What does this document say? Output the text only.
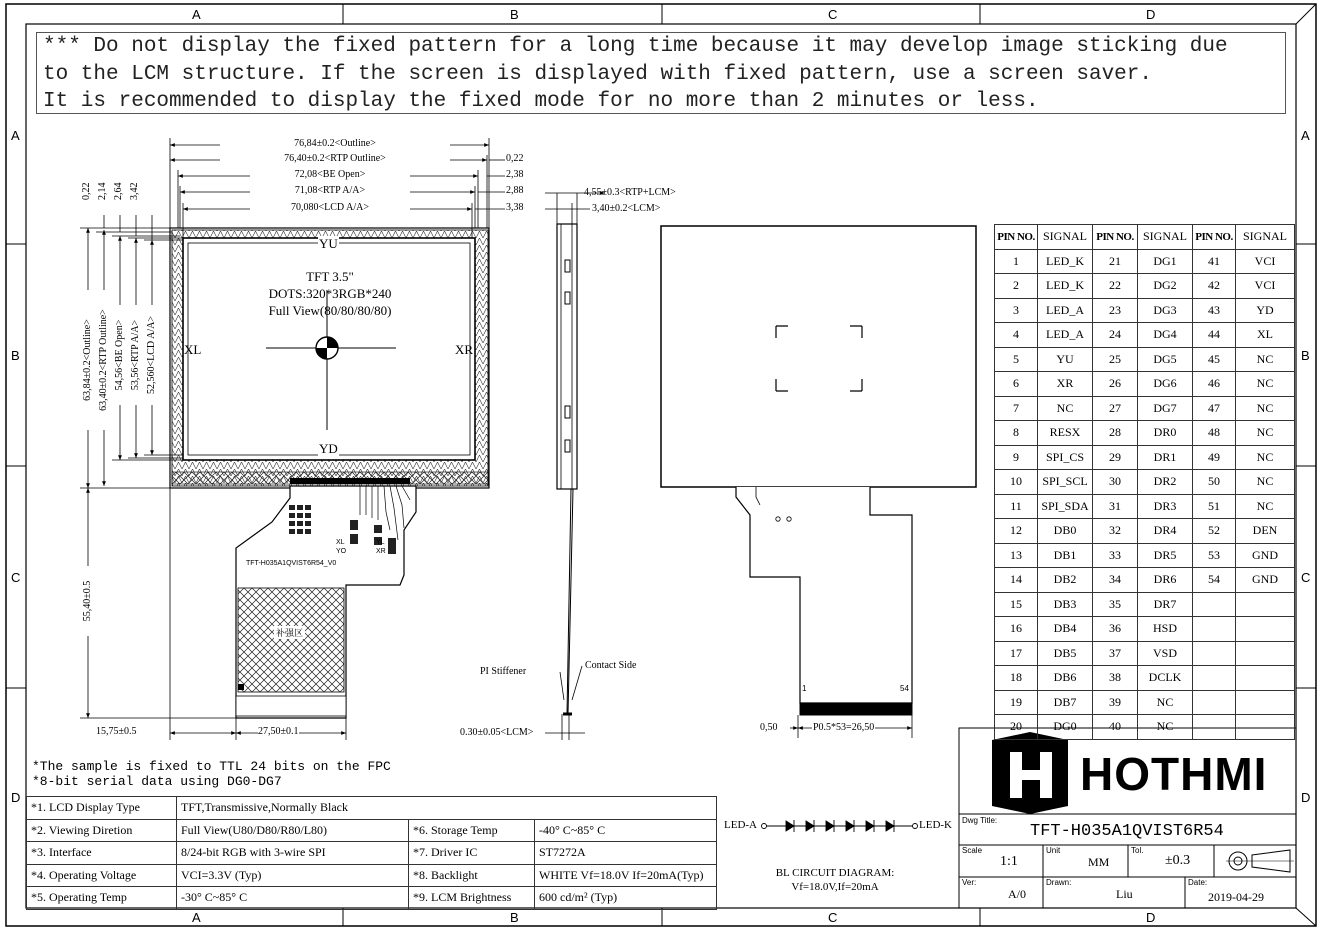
A	B	C	D
A	B	C	D
A
B
C
D
A
B
C
D
*** Do not display the fixed pattern for a long time because it may develop image sticking due
to the LCM structure. If the screen is displayed with fixed pattern, use a screen saver.
It is recommended to display the fixed mode for no more than 2 minutes or less.
76,84±0.2<Outline>
76,40±0.2<RTP Outline>
72,08<BE Open>
71,08<RTP A/A>
70,080<LCD A/A>
0,22
2,38
2,88
3,38
0,22 2,14 2,64 3,42
63,84±0.2<Outline> 63,40±0.2<RTP Outline> 54,56<BE Open> 53,56<RTP A/A> 52,560<LCD A/A>
55,40±0.5
15,75±0.5	27,50±0.1
YU
YD
XL	XR
TFT 3.5"
DOTS:320*3RGB*240
Full View(80/80/80/80)
TFT-H035A1QVIST6R54_V0
XL	YL
YO	XR
补强区
4,55±0.3<RTP+LCM>
3,40±0.2<LCM>
0.30±0.05<LCM>
PI Stiffener
Contact Side
1	54
0,50	P0.5*53=26,50
PIN NO.	SIGNAL	PIN NO.	SIGNAL	PIN NO.	SIGNAL
1	LED_K	21	DG1	41	VCI
2	LED_K	22	DG2	42	VCI
3	LED_A	23	DG3	43	YD
4	LED_A	24	DG4	44	XL
5	YU	25	DG5	45	NC
6	XR	26	DG6	46	NC
7	NC	27	DG7	47	NC
8	RESX	28	DR0	48	NC
9	SPI_CS	29	DR1	49	NC
10	SPI_SCL	30	DR2	50	NC
11	SPI_SDA	31	DR3	51	NC
12	DB0	32	DR4	52	DEN
13	DB1	33	DR5	53	GND
14	DB2	34	DR6	54	GND
15	DB3	35	DR7		
16	DB4	36	HSD		
17	DB5	37	VSD		
18	DB6	38	DCLK		
19	DB7	39	NC		
20	DG0	40	NC		
*The sample is fixed to TTL 24 bits on the FPC
*8-bit serial data using DG0-DG7
*1. LCD Display Type	TFT,Transmissive,Normally Black		
*2. Viewing Diretion	Full View(U80/D80/R80/L80)	*6. Storage Temp	-40° C~85° C
*3. Interface	8/24-bit RGB with 3-wire SPI	*7. Driver IC	ST7272A
*4. Operating Voltage	VCI=3.3V (Typ)	*8. Backlight	WHITE Vf=18.0V If=20mA(Typ)
*5. Operating Temp	-30° C~85° C	*9. LCM Brightness	600 cd/m² (Typ)
LED-A	LED-K
BL CIRCUIT DIAGRAM:
Vf=18.0V,If=20mA
HOTHMI
Dwg Title:
TFT-H035A1QVIST6R54
Scale
1:1
Unit
MM
Tol.
±0.3
Ver:
A/0
Drawn:
Liu
Date:
2019-04-29
